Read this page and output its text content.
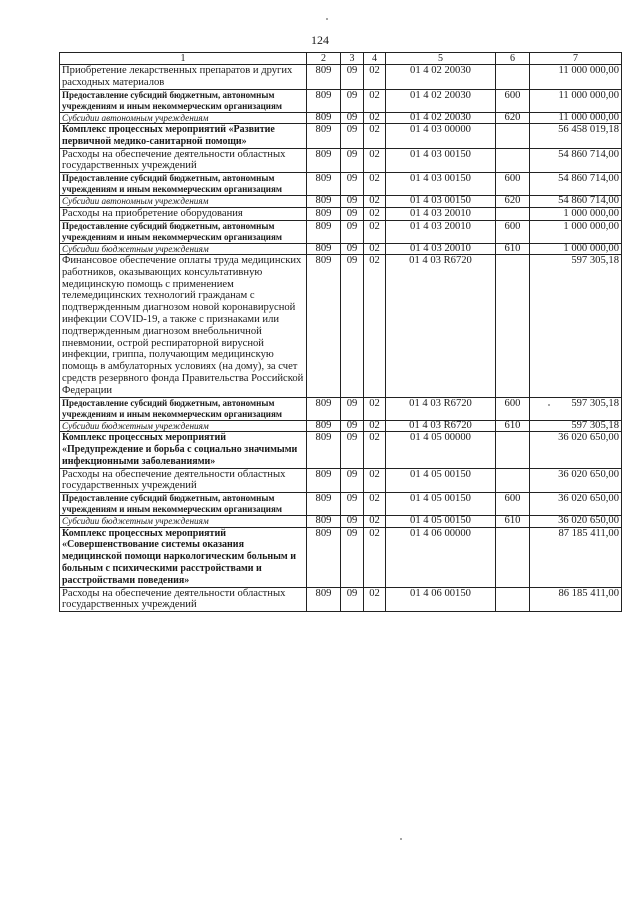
124
1	2	3	4	5	6	7
Приобретение лекарственных препаратов и других расходных материалов	809	09	02	01 4 02 20030		11 000 000,00
Предоставление субсидий бюджетным, автономным учреждениям и иным некоммерческим организациям	809	09	02	01 4 02 20030	600	11 000 000,00
Субсидии автономным учреждениям	809	09	02	01 4 02 20030	620	11 000 000,00
Комплекс процессных мероприятий «Развитие первичной медико-санитарной помощи»	809	09	02	01 4 03 00000		56 458 019,18
Расходы на обеспечение деятельности областных государственных учреждений	809	09	02	01 4 03 00150		54 860 714,00
Предоставление субсидий бюджетным, автономным учреждениям и иным некоммерческим организациям	809	09	02	01 4 03 00150	600	54 860 714,00
Субсидии автономным учреждениям	809	09	02	01 4 03 00150	620	54 860 714,00
Расходы на приобретение оборудования	809	09	02	01 4 03 20010		1 000 000,00
Предоставление субсидий бюджетным, автономным учреждениям и иным некоммерческим организациям	809	09	02	01 4 03 20010	600	1 000 000,00
Субсидии бюджетным учреждениям	809	09	02	01 4 03 20010	610	1 000 000,00
Финансовое обеспечение оплаты труда медицинских работников, оказывающих консультативную медицинскую помощь с применением телемедицинских технологий гражданам с подтвержденным диагнозом новой коронавирусной инфекции COVID-19, а также с признаками или подтвержденным диагнозом внебольничной пневмонии, острой респираторной вирусной инфекции, гриппа, получающим медицинскую помощь в амбулаторных условиях (на дому), за счет средств резервного фонда Правительства Российской Федерации	809	09	02	01 4 03 R6720		597 305,18
Предоставление субсидий бюджетным, автономным учреждениям и иным некоммерческим организациям	809	09	02	01 4 03 R6720	600	597 305,18
Субсидии бюджетным учреждениям	809	09	02	01 4 03 R6720	610	597 305,18
Комплекс процессных мероприятий «Предупреждение и борьба с социально значимыми инфекционными заболеваниями»	809	09	02	01 4 05 00000		36 020 650,00
Расходы на обеспечение деятельности областных государственных учреждений	809	09	02	01 4 05 00150		36 020 650,00
Предоставление субсидий бюджетным, автономным учреждениям и иным некоммерческим организациям	809	09	02	01 4 05 00150	600	36 020 650,00
Субсидии бюджетным учреждениям	809	09	02	01 4 05 00150	610	36 020 650,00
Комплекс процессных мероприятий «Совершенствование системы оказания медицинской помощи наркологическим больным и больным с психическими расстройствами и расстройствами поведения»	809	09	02	01 4 06 00000		87 185 411,00
Расходы на обеспечение деятельности областных государственных учреждений	809	09	02	01 4 06 00150		86 185 411,00
